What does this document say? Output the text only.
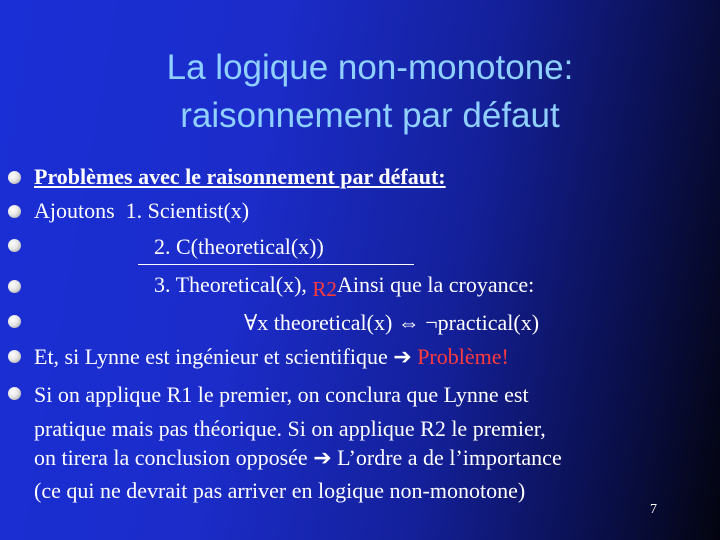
La logique non-monotone:
raisonnement par défaut
Problèmes avec le raisonnement par défaut:
Ajoutons  1. Scientist(x)
2. C(theoretical(x))
3. Theoretical(x), R2Ainsi que la croyance:
∀x theoretical(x) ⇔ ¬practical(x)
Et, si Lynne est ingénieur et scientifique ➔ Problème!
Si on applique R1 le premier, on conclura que Lynne est
pratique mais pas théorique. Si on applique R2 le premier,
on tirera la conclusion opposée ➔ L’ordre a de l’importance
(ce qui ne devrait pas arriver en logique non-monotone)
7
